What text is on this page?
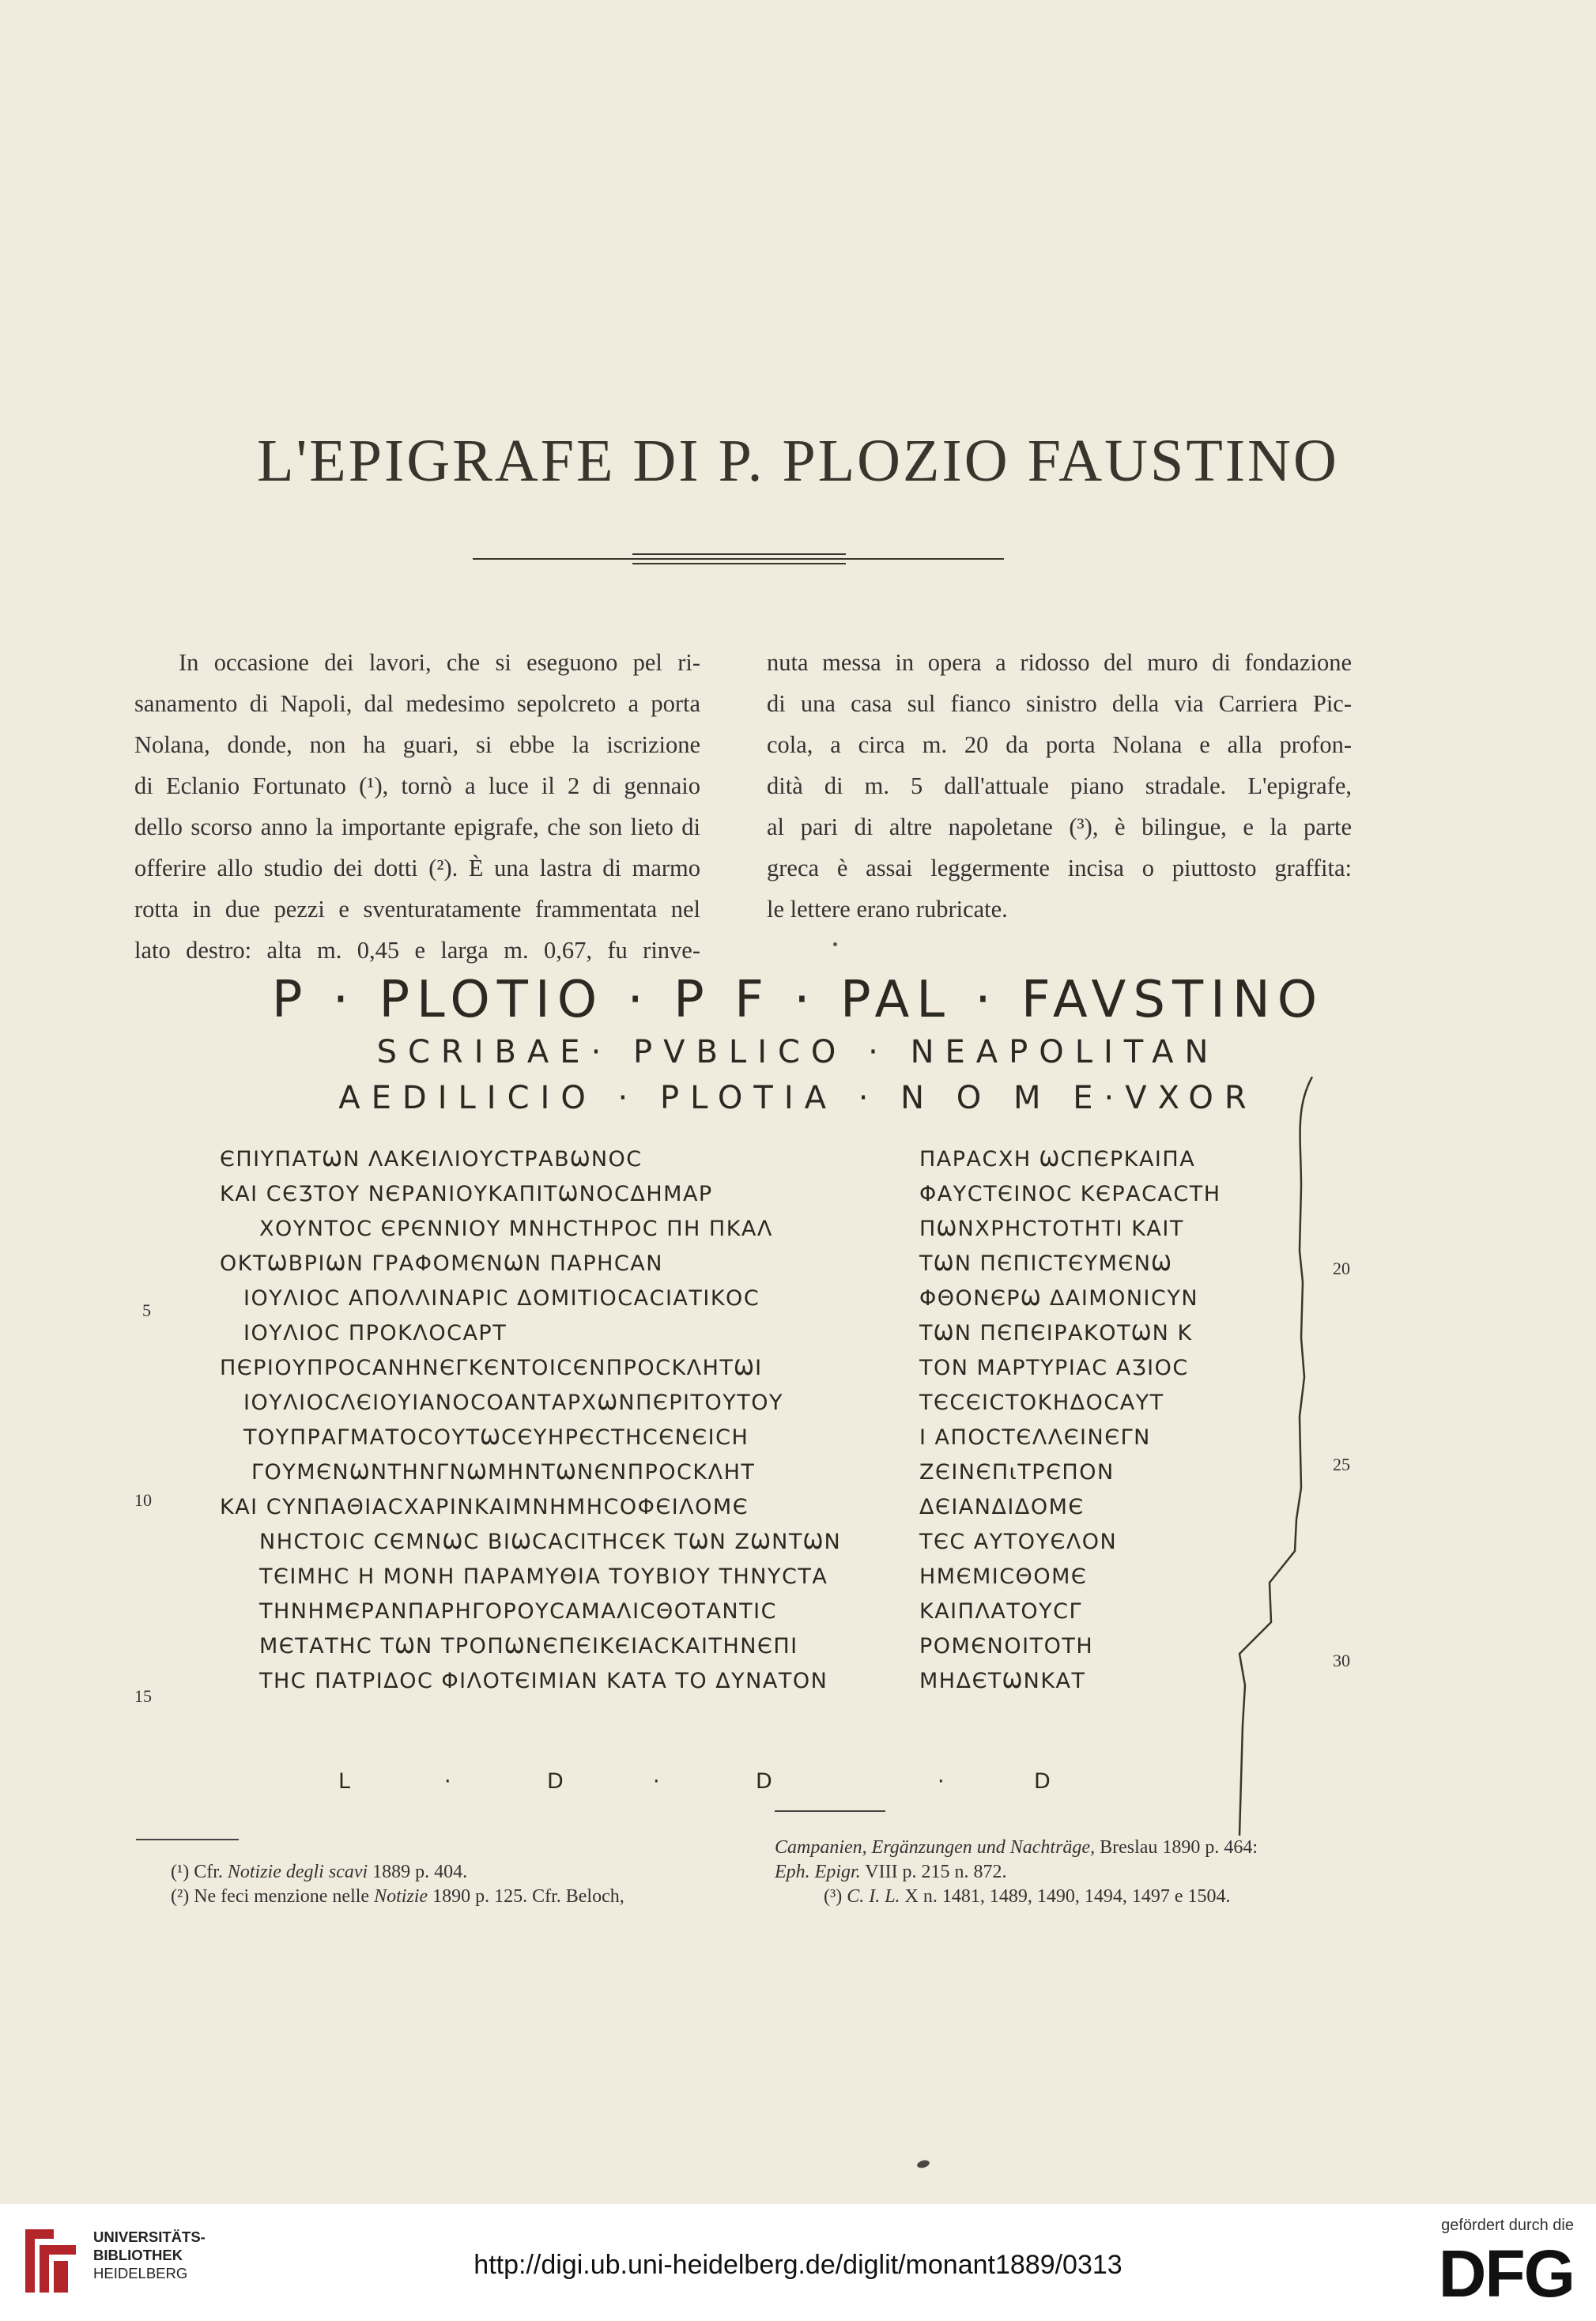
L'EPIGRAFE DI P. PLOZIO FAUSTINO
In occasione dei lavori, che si eseguono pel ri-
sanamento di Napoli, dal medesimo sepolcreto a porta
Nolana, donde, non ha guari, si ebbe la iscrizione
di Eclanio Fortunato (¹), tornò a luce il 2 di gennaio
dello scorso anno la importante epigrafe, che son lieto di
offerire allo studio dei dotti (²). È una lastra di marmo
rotta in due pezzi e sventuratamente frammentata nel
lato destro: alta m. 0,45 e larga m. 0,67, fu rinve-
nuta messa in opera a ridosso del muro di fondazione
di una casa sul fianco sinistro della via Carriera Pic-
cola, a circa m. 20 da porta Nolana e alla profon-
dità di m. 5 dall'attuale piano stradale. L'epigrafe,
al pari di altre napoletane (³), è bilingue, e la parte
greca è assai leggermente incisa o piuttosto graffita:
le lettere erano rubricate.
P · PLOTIO · P F · PAL · FAVSTINO
SCRIBAE· PVBLICO · NEAPOLITAN
AEDILICIO · PLOTIA · N O M E·VXOR
ЄΠΙΥΠΑΤѠΝ ΛΑΚЄΙΛΙΟΥϹΤΡΑΒѠΝΟϹ
ΚΑΙ ϹЄƷΤΟΥ ΝЄΡΑΝΙΟΥΚΑΠΙΤѠΝΟϹΔΗΜΑΡ
ΧΟΥΝΤΟϹ ЄΡЄΝΝΙΟΥ ΜΝΗϹΤΗΡΟϹ ΠΗ ΠΚΑΛ
ΟΚΤѠΒΡΙѠΝ ΓΡΑΦΟΜЄΝѠΝ ΠΑΡΗϹΑΝ
ΙΟΥΛΙΟϹ ΑΠΟΛΛΙΝΑΡΙϹ ΔΟΜΙΤΙΟϹΑϹΙΑΤΙΚΟϹ
ΙΟΥΛΙΟϹ ΠΡΟΚΛΟϹΑΡΤ
ΠЄΡΙΟΥΠΡΟϹΑΝΗΝЄΓΚЄΝΤΟΙϹЄΝΠΡΟϹΚΛΗΤѠΙ
ΙΟΥΛΙΟϹΛЄΙΟΥΙΑΝΟϹΟΑΝΤΑΡΧѠΝΠЄΡΙΤΟΥΤΟΥ
ΤΟΥΠΡΑΓΜΑΤΟϹΟΥΤѠϹЄΥΗΡЄϹΤΗϹЄΝЄΙϹΗ
ΓΟΥΜЄΝѠΝΤΗΝΓΝѠΜΗΝΤѠΝЄΝΠΡΟϹΚΛΗΤ
ΚΑΙ ϹΥΝΠΑΘΙΑϹΧΑΡΙΝΚΑΙΜΝΗΜΗϹΟΦЄΙΛΟΜЄ
ΝΗϹΤΟΙϹ ϹЄΜΝѠϹ ΒΙѠϹΑϹΙΤΗϹЄΚ ΤѠΝ ΖѠΝΤѠΝ
ΤЄΙΜΗϹ Η ΜΟΝΗ ΠΑΡΑΜΥΘΙΑ ΤΟΥΒΙΟΥ ΤΗΝΥϹΤΑ
ΤΗΝΗΜЄΡΑΝΠΑΡΗΓΟΡΟΥϹΑΜΑΛΙϹΘΟΤΑΝΤΙϹ
ΜЄΤΑΤΗϹ ΤѠΝ ΤΡΟΠѠΝЄΠЄΙΚЄΙΑϹΚΑΙΤΗΝЄΠΙ
ΤΗϹ ΠΑΤΡΙΔΟϹ ΦΙΛΟΤЄΙΜΙΑΝ ΚΑΤΑ ΤΟ ΔΥΝΑΤΟΝ
ΠΑΡΑϹΧΗ ѠϹΠЄΡΚΑΙΠΑ
ΦΑΥϹΤЄΙΝΟϹ ΚЄΡΑϹΑϹΤΗ
ΠѠΝΧΡΗϹΤΟΤΗΤΙ ΚΑΙΤ
ΤѠΝ ΠЄΠΙϹΤЄΥΜЄΝѠ
ΦΘΟΝЄΡѠ ΔΑΙΜΟΝΙϹΥΝ
ΤѠΝ ΠЄΠЄΙΡΑΚΟΤѠΝ Κ
ΤΟΝ ΜΑΡΤΥΡΙΑϹ ΑƷΙΟϹ
ΤЄϹЄΙϹΤΟΚΗΔΟϹΑΥΤ
Ι ΑΠΟϹΤЄΛΛЄΙΝЄΓΝ
ΖЄΙΝЄΠιΤΡЄΠΟΝ
ΔЄΙΑΝΔΙΔΟΜЄ
ΤЄϹ ΑΥΤΟΥЄΛΟΝ
ΗΜЄΜΙϹΘΟΜЄ
ΚΑΙΠΛΑΤΟΥϹΓ
ΡΟΜЄΝΟΙΤΟΤΗ
ΜΗΔЄΤѠΝΚΑΤ
L	·	D	·	D	·	D
5
10
15
20
25
30
(¹) Cfr. Notizie degli scavi 1889 p. 404.
(²) Ne feci menzione nelle Notizie 1890 p. 125. Cfr. Beloch,
Campanien, Ergänzungen und Nachträge, Breslau 1890 p. 464:
Eph. Epigr. VIII p. 215 n. 872.
(³) C. I. L. X n. 1481, 1489, 1490, 1494, 1497 e 1504.
UNIVERSITÄTS-
BIBLIOTHEK
HEIDELBERG	http://digi.ub.uni-heidelberg.de/diglit/monant1889/0313
gefördert durch die
DFG
